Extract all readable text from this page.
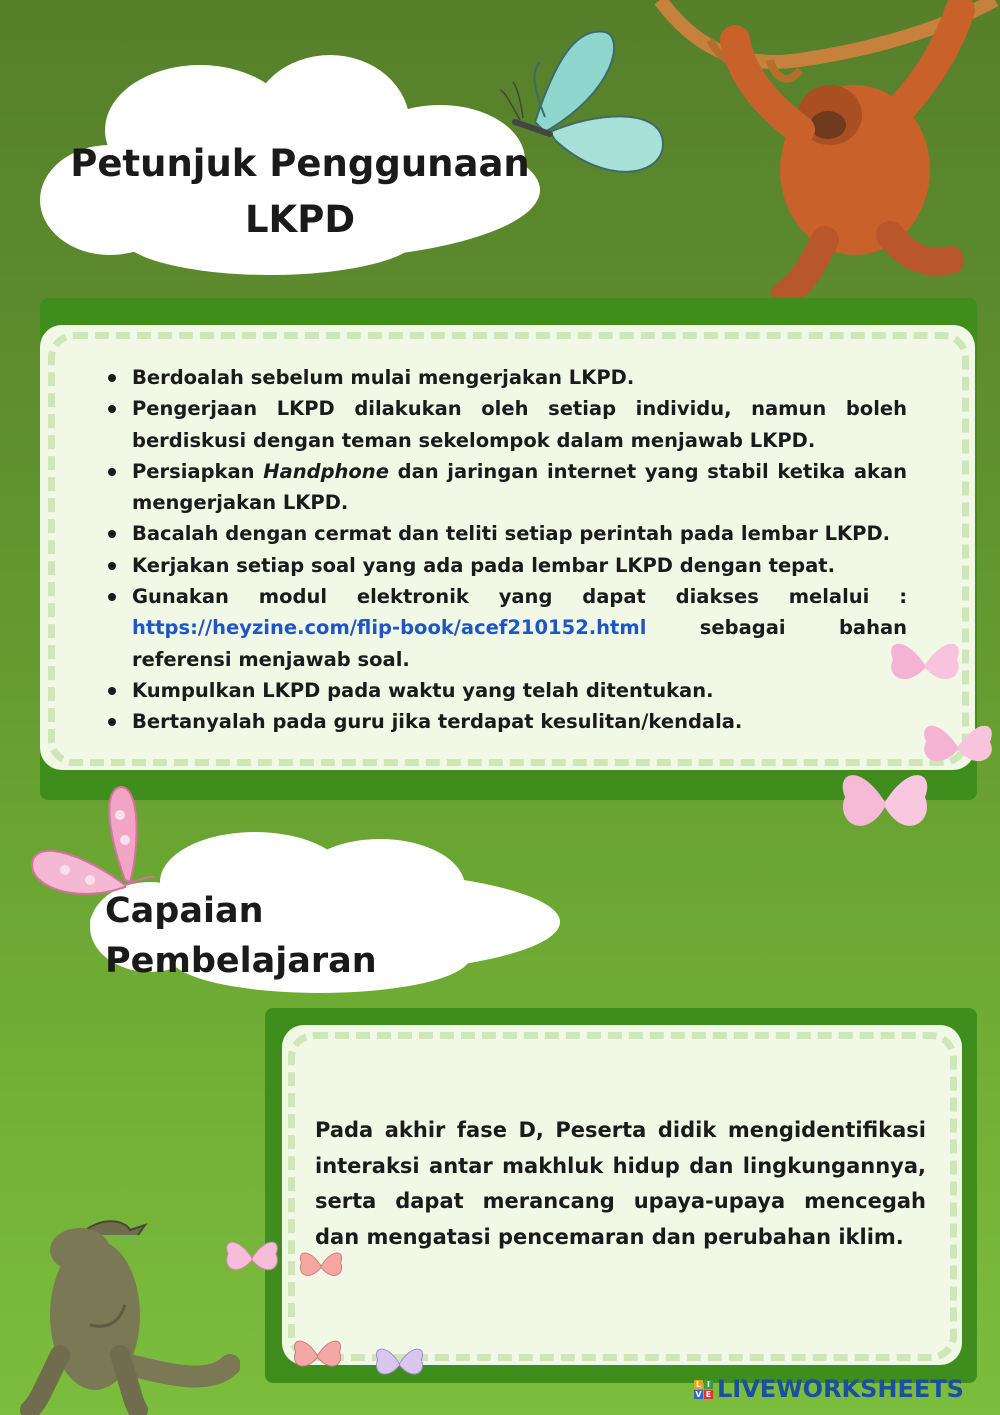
Petunjuk Penggunaan
LKPD
Berdoalah sebelum mulai mengerjakan LKPD.
Pengerjaan LKPD dilakukan oleh setiap individu, namun boleh berdiskusi dengan teman sekelompok dalam menjawab LKPD.
Persiapkan Handphone dan jaringan internet yang stabil ketika akan mengerjakan LKPD.
Bacalah dengan cermat dan teliti setiap perintah pada lembar LKPD.
Kerjakan setiap soal yang ada pada lembar LKPD dengan tepat.
Gunakan modul elektronik yang dapat diakses melalui : https://heyzine.com/flip-book/acef210152.html sebagai bahan referensi menjawab soal.
Kumpulkan LKPD pada waktu yang telah ditentukan.
Bertanyalah pada guru jika terdapat kesulitan/kendala.
Capaian Pembelajaran

Pada akhir fase D, Peserta didik mengidentifikasi interaksi antar makhluk hidup dan lingkungannya, serta dapat merancang upaya-upaya mencegah dan mengatasi pencemaran dan perubahan iklim.

L I
V E LIVEWORKSHEETS
